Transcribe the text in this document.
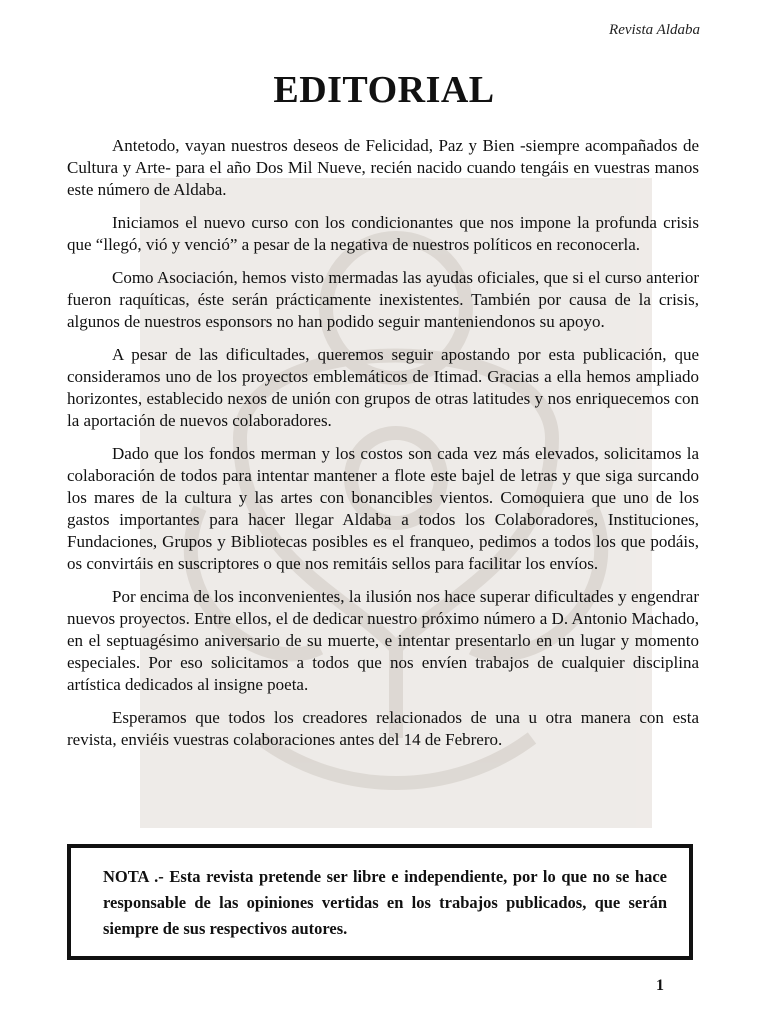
Revista Aldaba
EDITORIAL

Antetodo, vayan nuestros deseos de Felicidad, Paz y Bien -siempre acompañados de Cultura y Arte- para el año Dos Mil Nueve, recién nacido cuando tengáis en vuestras manos este número de Aldaba.

Iniciamos el nuevo curso con los condicionantes que nos impone la profunda crisis que “llegó, vió y venció” a pesar de la negativa de nuestros políticos en reconocerla.

Como Asociación, hemos visto mermadas las ayudas oficiales, que si el curso anterior fueron raquíticas, éste serán prácticamente inexistentes. También por causa de la crisis, algunos de nuestros esponsors no han podido seguir manteniendonos su apoyo.

A pesar de las dificultades, queremos seguir apostando por esta publicación, que consideramos uno de los proyectos emblemáticos de Itimad. Gracias a ella hemos ampliado horizontes, establecido nexos de unión con grupos de otras latitudes y nos enriquecemos con la aportación de nuevos colaboradores.

Dado que los fondos merman y los costos son cada vez más elevados, solicitamos la colaboración de todos para intentar mantener a flote este bajel de letras y que siga surcando los mares de la cultura y las artes con bonancibles vientos. Comoquiera que uno de los gastos importantes para hacer llegar Aldaba a todos los Colaboradores, Instituciones, Fundaciones, Grupos y Bibliotecas posibles es el franqueo, pedimos a todos los que podáis, os convirtáis en suscriptores o que nos remitáis sellos para facilitar los envíos.

Por encima de los inconvenientes, la ilusión nos hace superar dificultades y engendrar nuevos proyectos. Entre ellos, el de dedicar nuestro próximo número a D. Antonio Machado, en el septuagésimo aniversario de su muerte, e intentar presentarlo en un lugar y momento especiales. Por eso solicitamos a todos que nos envíen trabajos de cualquier disciplina artística dedicados al insigne poeta.

Esperamos que todos los creadores relacionados de una u otra manera con esta revista, enviéis vuestras colaboraciones antes del 14 de Febrero.

NOTA .- Esta revista pretende ser libre e independiente, por lo que no se hace responsable de las opiniones vertidas en los trabajos publicados, que serán siempre de sus respectivos autores.
1
